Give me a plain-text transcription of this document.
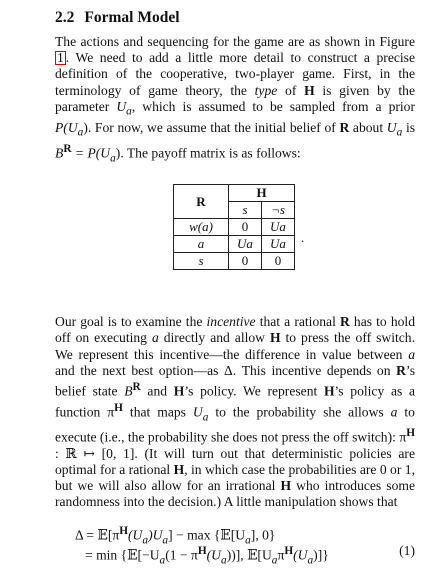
2.2 Formal Model

The actions and sequencing for the game are as shown in Figure 1 . We need to add a little more detail to construct a precise definition of the cooperative, two-player game. First, in the terminology of game theory, the type of H is given by the parameter $U_a$, which is assumed to be sampled from a prior $P(U_a)$. For now, we assume that the initial belief of R about $U_a$ is $B^R = P(U_a)$. The payoff matrix is as follows:

R	H	
	s	¬s
w(a)	0	Ua
a	Ua	Ua
s	0	0
.

Our goal is to examine the incentive that a rational R has to hold off on executing a directly and allow H to press the off switch. We represent this incentive—the difference in value between a and the next best option—as Δ. This incentive depends on R’s belief state $B^R$ and H’s policy. We represent H’s policy as a function $\pi^H$ that maps $U_a$ to the probability she allows a to execute (i.e., the probability she does not press the off switch): $\pi^H$ : ℝ ↦ [0, 1]. (It will turn out that deterministic policies are optimal for a rational H, in which case the probabilities are 0 or 1, but we will also allow for an irrational H who introduces some randomness into the decision.) A little manipulation shows that

$\Delta = 𝔼[\pi^H(U_a)U_a] - \max$ {$𝔼[U_a]$, 0}
= $\min \{𝔼[-U_a(1 - \pi^H(U_a))]$, $𝔼[U_a\pi^H(U_a)]$}	(1)
